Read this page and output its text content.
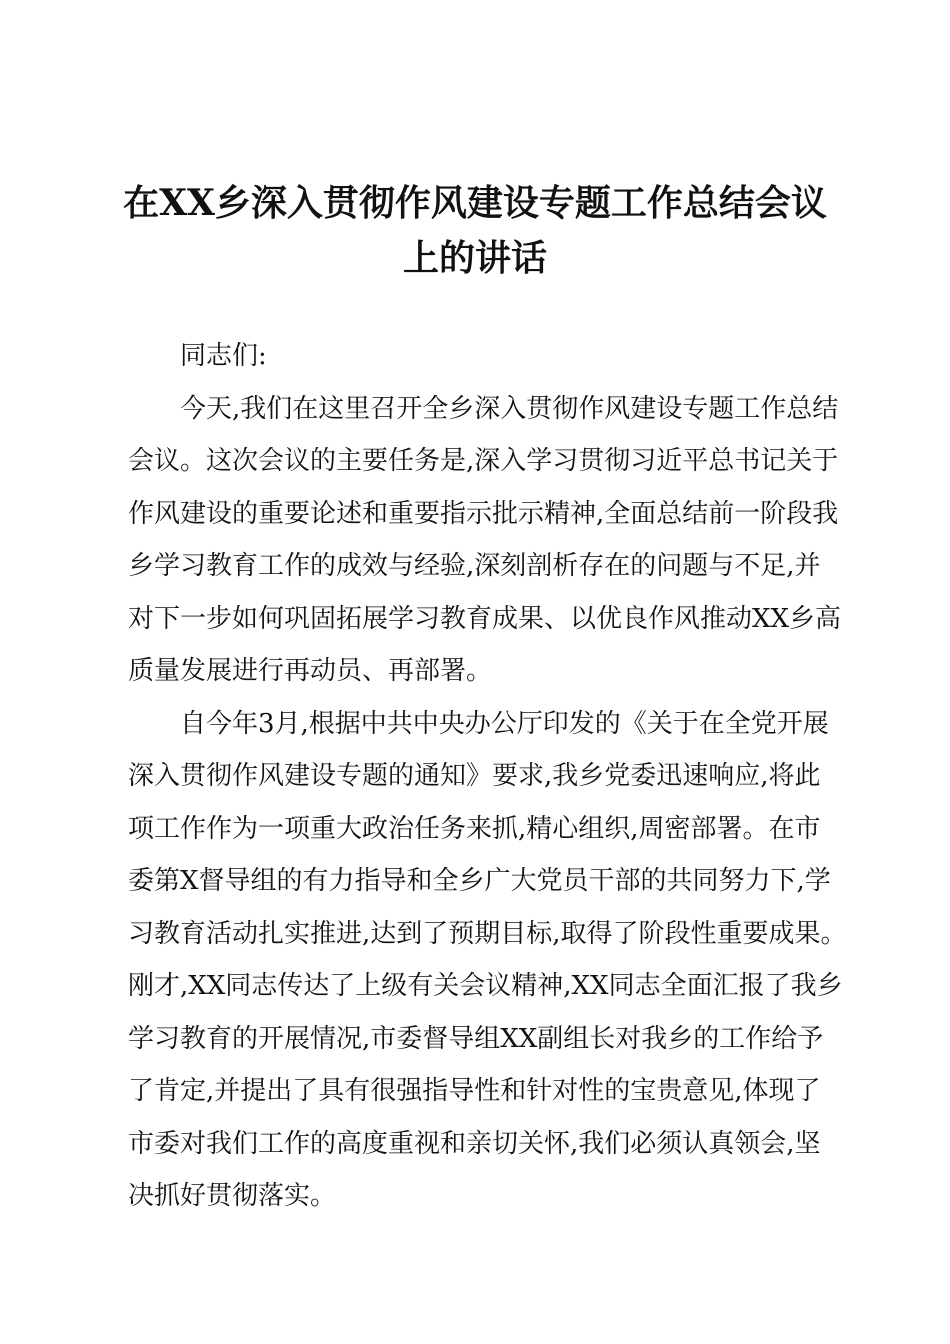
在XX乡深入贯彻作风建设专题工作总结会议
上的讲话
　　同志们:
　　今天,我们在这里召开全乡深入贯彻作风建设专题工作总结
会议。这次会议的主要任务是,深入学习贯彻习近平总书记关于
作风建设的重要论述和重要指示批示精神,全面总结前一阶段我
乡学习教育工作的成效与经验,深刻剖析存在的问题与不足,并
对下一步如何巩固拓展学习教育成果、以优良作风推动XX乡高
质量发展进行再动员、再部署。
　　自今年3月,根据中共中央办公厅印发的《关于在全党开展
深入贯彻作风建设专题的通知》要求,我乡党委迅速响应,将此
项工作作为一项重大政治任务来抓,精心组织,周密部署。在市
委第X督导组的有力指导和全乡广大党员干部的共同努力下,学
习教育活动扎实推进,达到了预期目标,取得了阶段性重要成果。
刚才,XX同志传达了上级有关会议精神,XX同志全面汇报了我乡
学习教育的开展情况,市委督导组XX副组长对我乡的工作给予
了肯定,并提出了具有很强指导性和针对性的宝贵意见,体现了
市委对我们工作的高度重视和亲切关怀,我们必须认真领会,坚
决抓好贯彻落实。
